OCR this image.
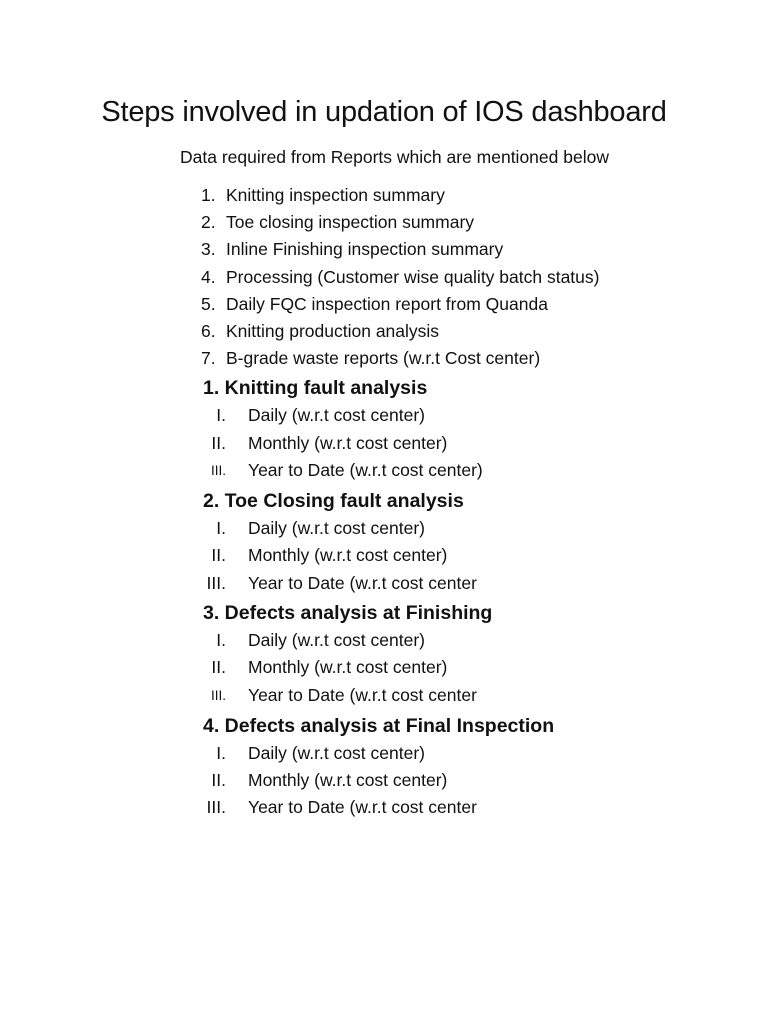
Steps involved in updation of IOS dashboard

Data required from Reports which are mentioned below

1. Knitting inspection summary
2. Toe closing inspection summary
3. Inline Finishing inspection summary
4. Processing (Customer wise quality batch status)
5. Daily FQC inspection report from Quanda
6. Knitting production analysis
7. B-grade waste reports (w.r.t Cost center)
1. Knitting fault analysis
I. Daily (w.r.t cost center)
II. Monthly (w.r.t cost center)
III. Year to Date (w.r.t cost center)
2. Toe Closing fault analysis
I. Daily (w.r.t cost center)
II. Monthly (w.r.t cost center)
III. Year to Date (w.r.t cost center
3. Defects analysis at Finishing
I. Daily (w.r.t cost center)
II. Monthly (w.r.t cost center)
III. Year to Date (w.r.t cost center
4. Defects analysis at Final Inspection
I. Daily (w.r.t cost center)
II. Monthly (w.r.t cost center)
III. Year to Date (w.r.t cost center
